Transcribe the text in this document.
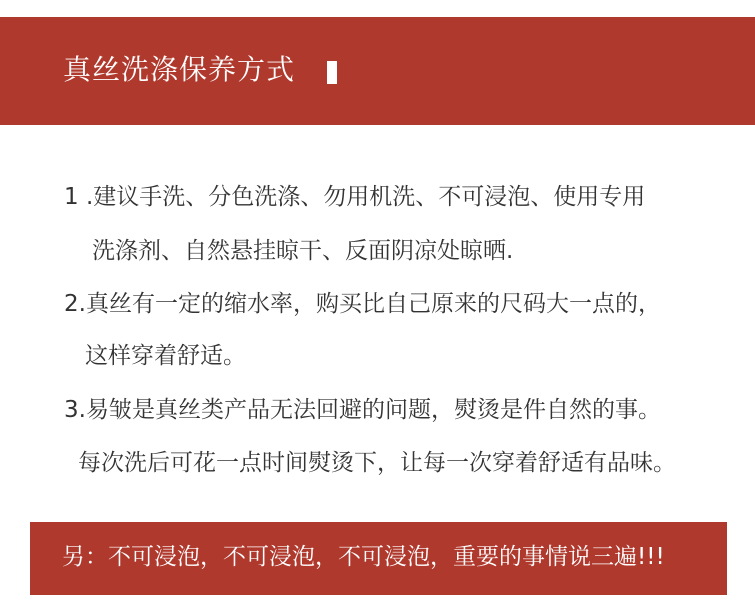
真丝洗涤保养方式
1 .建议手洗、分色洗涤、勿用机洗、不可浸泡、使用专用
洗涤剂、自然悬挂晾干、反面阴凉处晾晒.
2.真丝有一定的缩水率，购买比自己原来的尺码大一点的，
这样穿着舒适。
3.易皱是真丝类产品无法回避的问题，熨烫是件自然的事。
每次洗后可花一点时间熨烫下，让每一次穿着舒适有品味。
另：不可浸泡，不可浸泡，不可浸泡，重要的事情说三遍!!!
